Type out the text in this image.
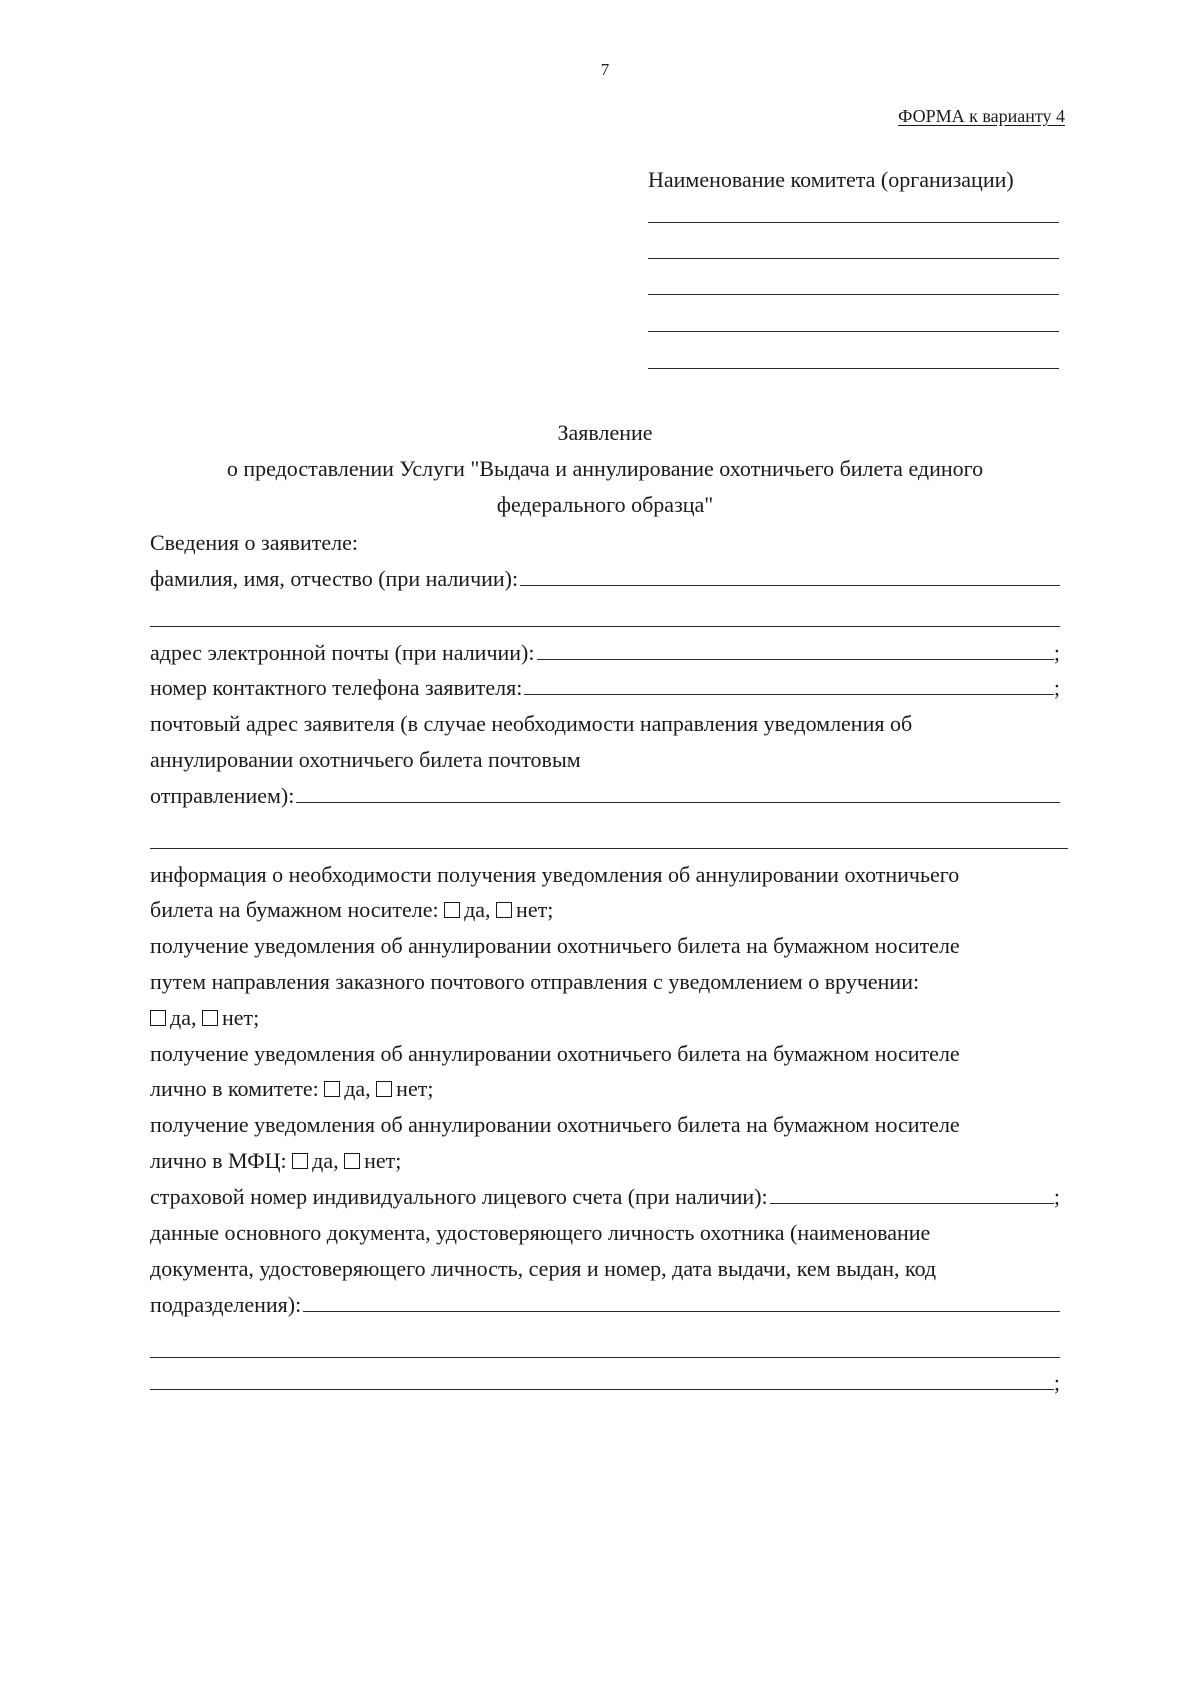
7
ФОРМА к варианту 4
Наименование комитета (организации)
Заявление
о предоставлении Услуги "Выдача и аннулирование охотничьего билета единого
федерального образца"
Сведения о заявителе:
фамилия, имя, отчество (при наличии):
адрес электронной почты (при наличии):	;
номер контактного телефона заявителя:	;
почтовый адрес заявителя (в случае необходимости направления уведомления об
аннулировании охотничьего билета почтовым
отправлением):
информация о необходимости получения уведомления об аннулировании охотничьего
билета на бумажном носителе: да, нет;
получение уведомления об аннулировании охотничьего билета на бумажном носителе
путем направления заказного почтового отправления с уведомлением о вручении:
да, нет;
получение уведомления об аннулировании охотничьего билета на бумажном носителе
лично в комитете: да, нет;
получение уведомления об аннулировании охотничьего билета на бумажном носителе
лично в МФЦ: да, нет;
страховой номер индивидуального лицевого счета (при наличии):	;
данные основного документа, удостоверяющего личность охотника (наименование
документа, удостоверяющего личность, серия и номер, дата выдачи, кем выдан, код
подразделения):
;
